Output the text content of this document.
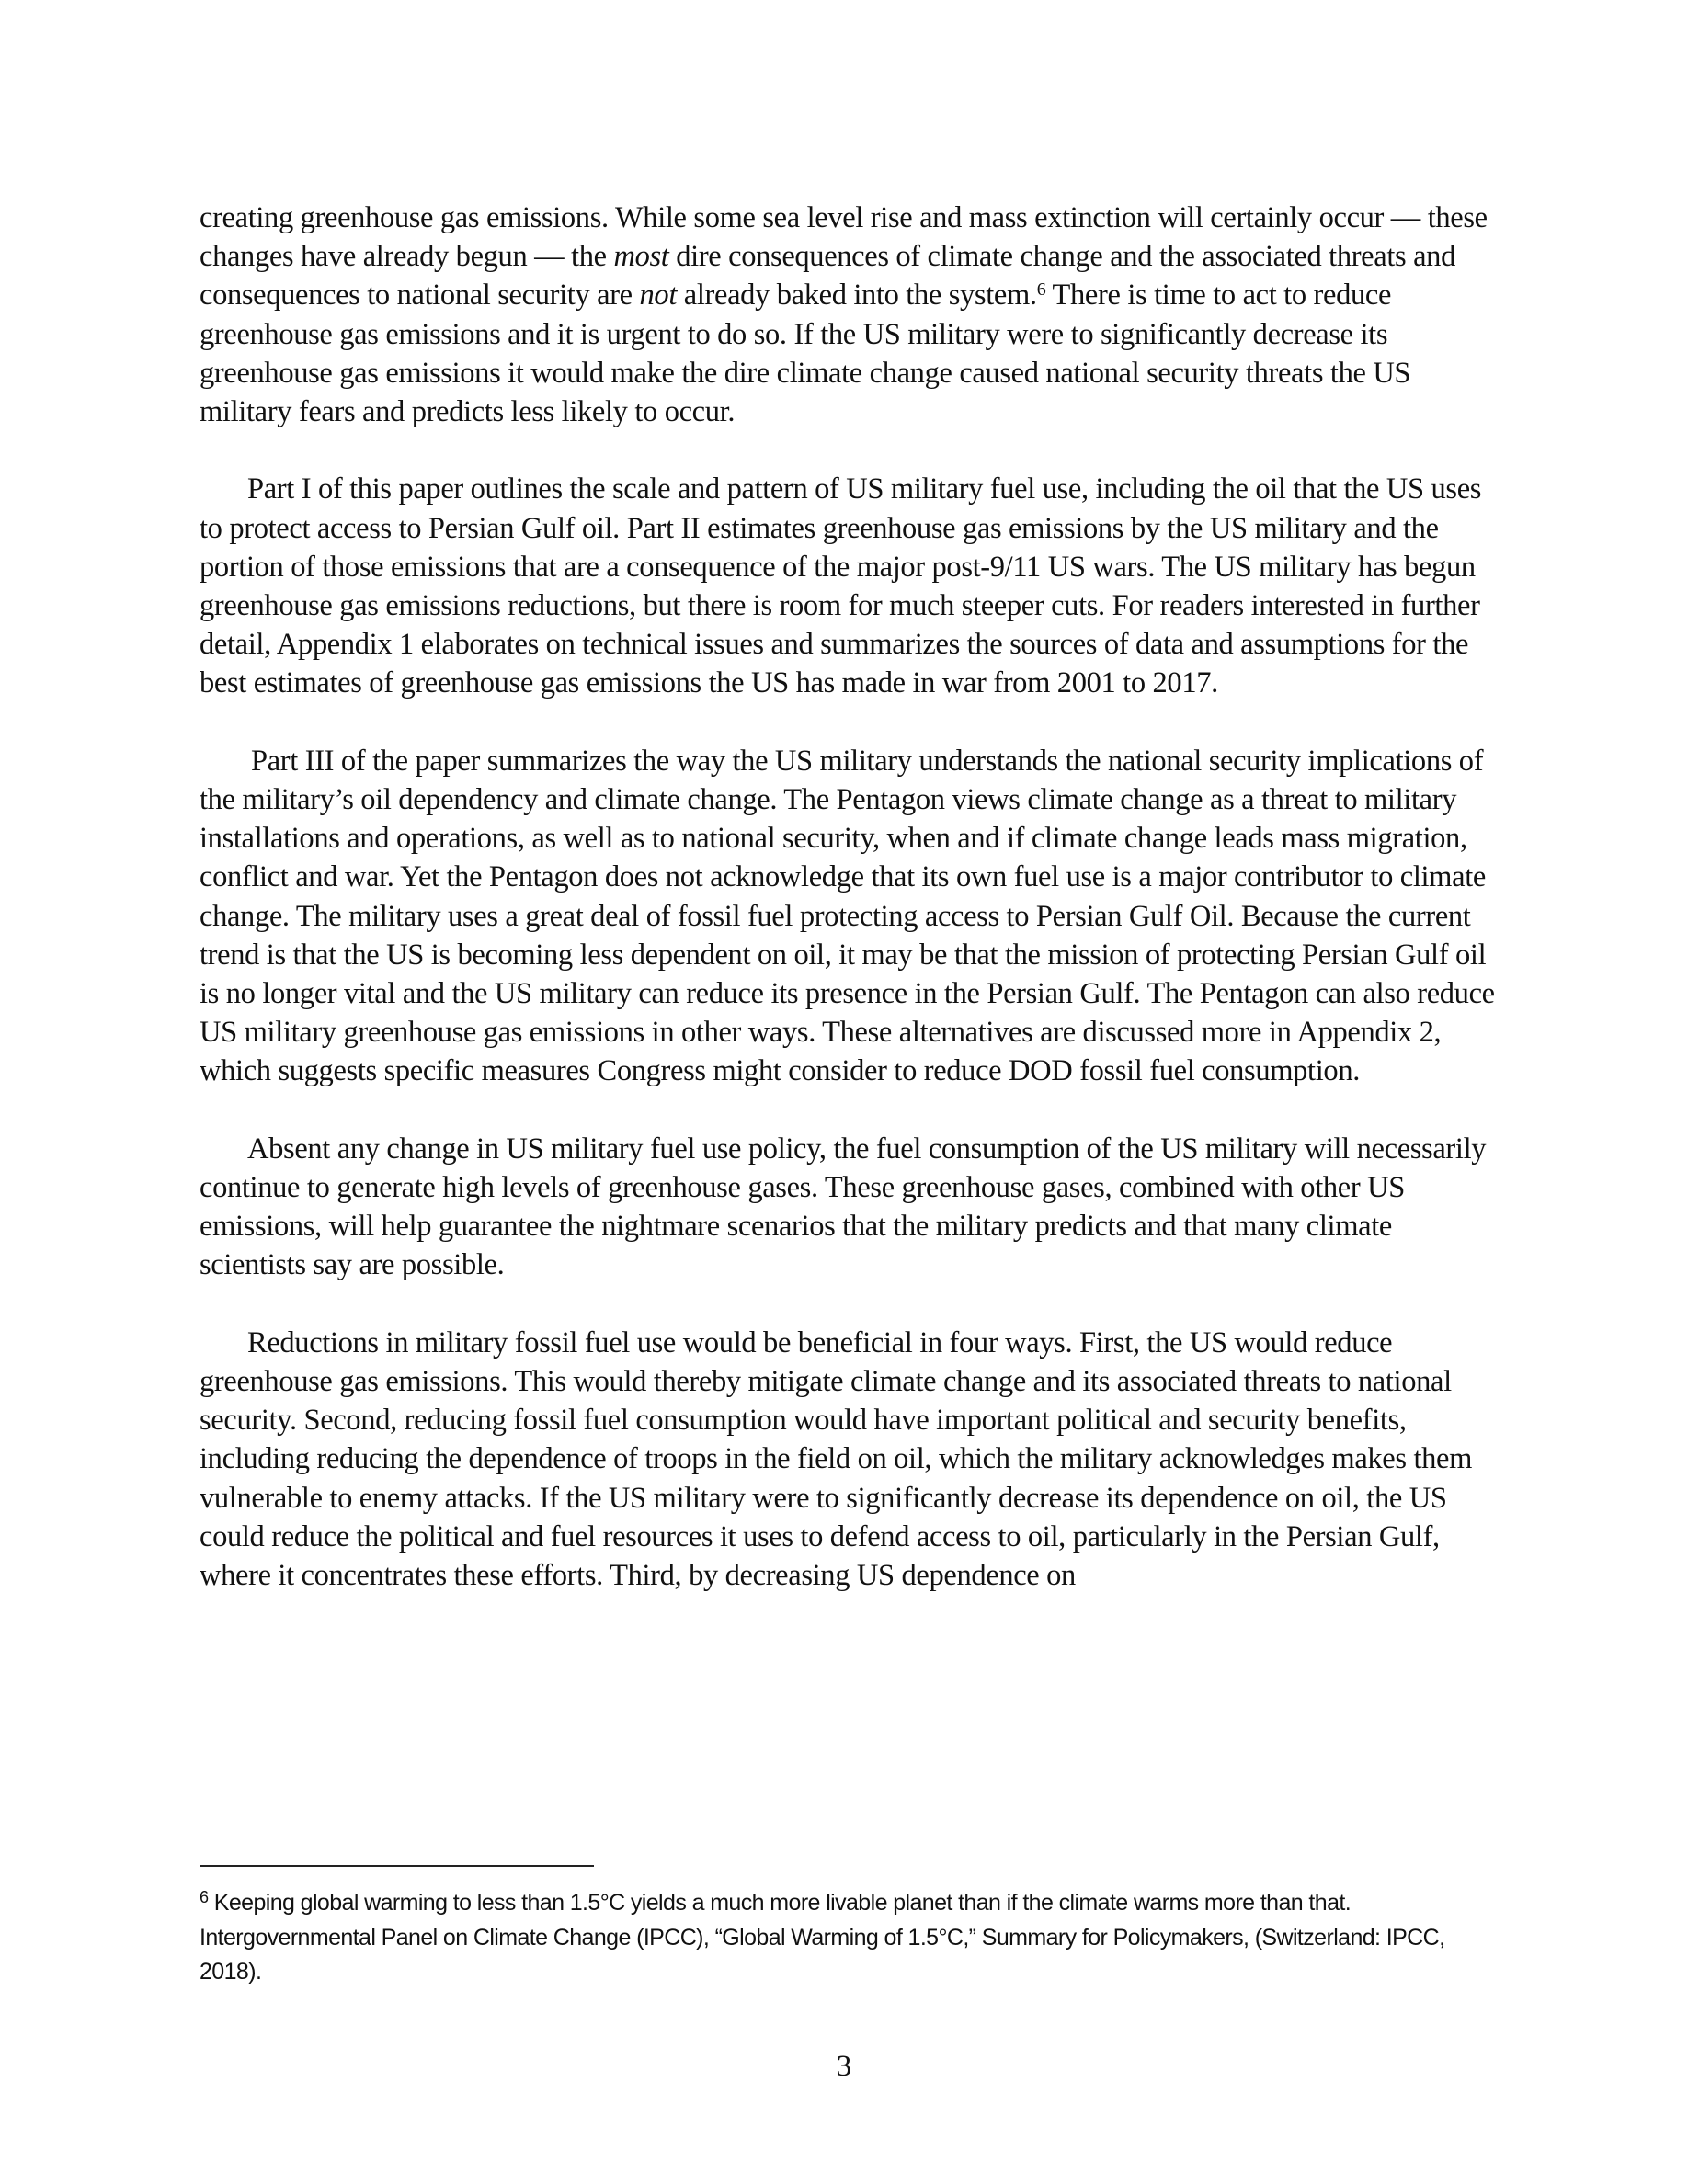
creating greenhouse gas emissions. While some sea level rise and mass extinction will certainly occur — these changes have already begun — the most dire consequences of climate change and the associated threats and consequences to national security are not already baked into the system.$^6$ There is time to act to reduce greenhouse gas emissions and it is urgent to do so. If the US military were to significantly decrease its greenhouse gas emissions it would make the dire climate change caused national security threats the US military fears and predicts less likely to occur.

Part I of this paper outlines the scale and pattern of US military fuel use, including the oil that the US uses to protect access to Persian Gulf oil. Part II estimates greenhouse gas emissions by the US military and the portion of those emissions that are a consequence of the major post-9/11 US wars. The US military has begun greenhouse gas emissions reductions, but there is room for much steeper cuts. For readers interested in further detail, Appendix 1 elaborates on technical issues and summarizes the sources of data and assumptions for the best estimates of greenhouse gas emissions the US has made in war from 2001 to 2017.

Part III of the paper summarizes the way the US military understands the national security implications of the military’s oil dependency and climate change. The Pentagon views climate change as a threat to military installations and operations, as well as to national security, when and if climate change leads mass migration, conflict and war. Yet the Pentagon does not acknowledge that its own fuel use is a major contributor to climate change. The military uses a great deal of fossil fuel protecting access to Persian Gulf Oil. Because the current trend is that the US is becoming less dependent on oil, it may be that the mission of protecting Persian Gulf oil is no longer vital and the US military can reduce its presence in the Persian Gulf. The Pentagon can also reduce US military greenhouse gas emissions in other ways. These alternatives are discussed more in Appendix 2, which suggests specific measures Congress might consider to reduce DOD fossil fuel consumption.

Absent any change in US military fuel use policy, the fuel consumption of the US military will necessarily continue to generate high levels of greenhouse gases. These greenhouse gases, combined with other US emissions, will help guarantee the nightmare scenarios that the military predicts and that many climate scientists say are possible.

Reductions in military fossil fuel use would be beneficial in four ways. First, the US would reduce greenhouse gas emissions. This would thereby mitigate climate change and its associated threats to national security. Second, reducing fossil fuel consumption would have important political and security benefits, including reducing the dependence of troops in the field on oil, which the military acknowledges makes them vulnerable to enemy attacks. If the US military were to significantly decrease its dependence on oil, the US could reduce the political and fuel resources it uses to defend access to oil, particularly in the Persian Gulf, where it concentrates these efforts. Third, by decreasing US dependence on

$^6$ Keeping global warming to less than 1.5°C yields a much more livable planet than if the climate warms more than that. Intergovernmental Panel on Climate Change (IPCC), “Global Warming of 1.5°C,” Summary for Policymakers, (Switzerland: IPCC, 2018).
3
